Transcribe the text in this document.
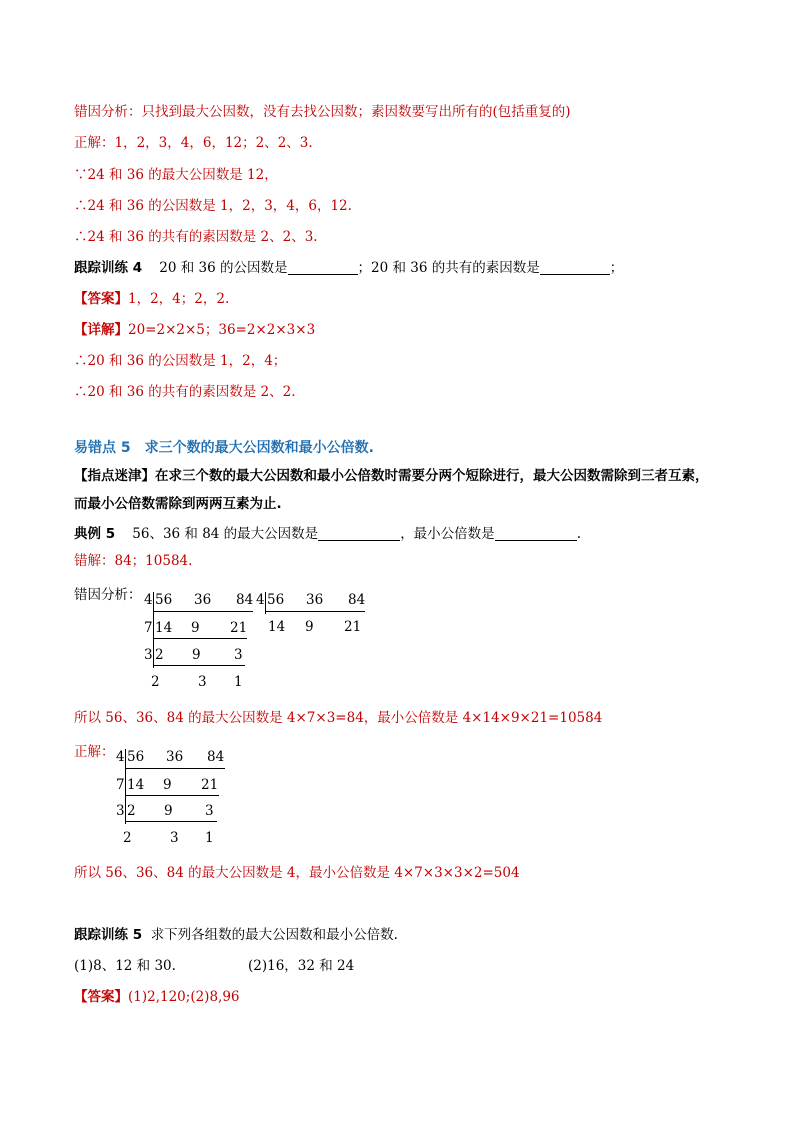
错因分析：只找到最大公因数，没有去找公因数；素因数要写出所有的(包括重复的)
正解：1，2，3，4，6，12；2、2、3.
∵24 和 36 的最大公因数是 12，
∴24 和 36 的公因数是 1，2，3，4，6，12.
∴24 和 36 的共有的素因数是 2、2、3.
跟踪训练 4 20 和 36 的公因数是	；20 和 36 的共有的素因数是	；
【答案】1，2，4；2，2.
【详解】20=2×2×5；36=2×2×3×3
∴20 和 36 的公因数是 1，2，4；
∴20 和 36 的共有的素因数是 2、2.
易错点 5　求三个数的最大公因数和最小公倍数.
【指点迷津】在求三个数的最大公因数和最小公倍数时需要分两个短除进行，最大公因数需除到三者互素，
而最小公倍数需除到两两互素为止.
典例 5 56、36 和 84 的最大公因数是	，最小公倍数是	.
错解：84；10584.
错因分析： 4 56 36 84
7 14 9 21
3 2 9 3
2	3 1
4 56 36 84
14 9 21
所以 56、36、84 的最大公因数是 4×7×3=84，最小公倍数是 4×14×9×21=10584
正解： 4 56 36 84
7 14 9 21
3 2 9 3
2	3 1
所以 56、36、84 的最大公因数是 4，最小公倍数是 4×7×3×3×2=504
跟踪训练 5 求下列各组数的最大公因数和最小公倍数.
(1)8、12 和 30.	(2)16，32 和 24
【答案】(1)2,120;(2)8,96
